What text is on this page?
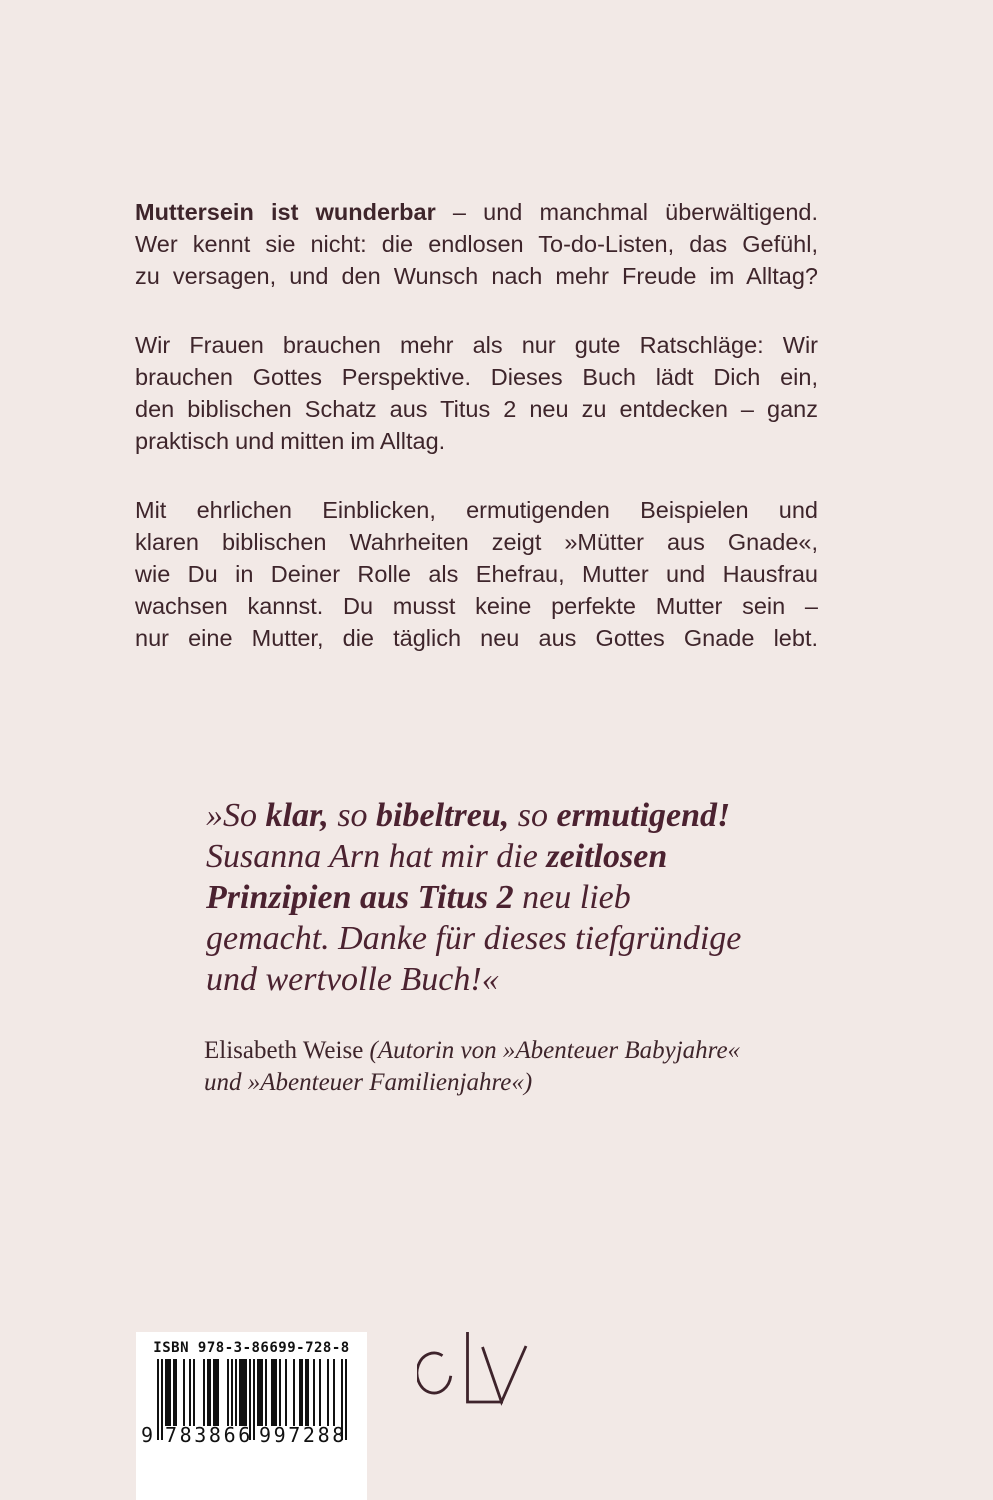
Muttersein ist wunderbar – und manchmal überwältigend.
Wer kennt sie nicht: die endlosen To-do-Listen, das Gefühl,
zu versagen, und den Wunsch nach mehr Freude im Alltag?
Wir Frauen brauchen mehr als nur gute Ratschläge: Wir
brauchen Gottes Perspektive. Dieses Buch lädt Dich ein,
den biblischen Schatz aus Titus 2 neu zu entdecken – ganz
praktisch und mitten im Alltag.
Mit ehrlichen Einblicken, ermutigenden Beispielen und
klaren biblischen Wahrheiten zeigt »Mütter aus Gnade«,
wie Du in Deiner Rolle als Ehefrau, Mutter und Hausfrau
wachsen kannst. Du musst keine perfekte Mutter sein –
nur eine Mutter, die täglich neu aus Gottes Gnade lebt.
»So klar, so bibeltreu, so ermutigend!
Susanna Arn hat mir die zeitlosen
Prinzipien aus Titus 2 neu lieb
gemacht. Danke für dieses tiefgründige
und wertvolle Buch!«
Elisabeth Weise (Autorin von »Abenteuer Babyjahre«
und »Abenteuer Familienjahre«)
ISBN 978-3-86699-728-8
9 783866 997288
